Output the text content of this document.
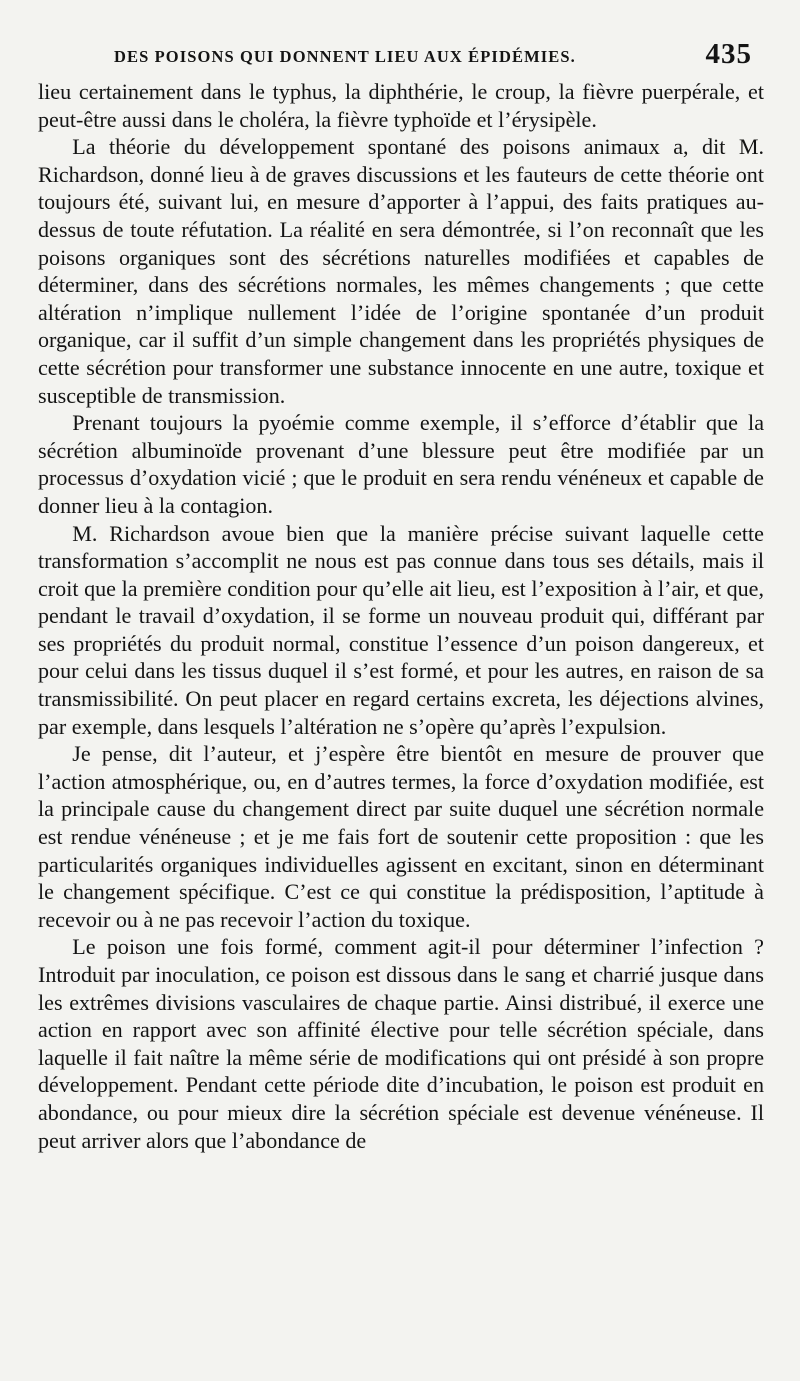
DES POISONS QUI DONNENT LIEU AUX ÉPIDÉMIES.	435

lieu certainement dans le typhus, la diphthérie, le croup, la fièvre puerpérale, et peut-être aussi dans le choléra, la fièvre typhoïde et l’érysipèle.

La théorie du développement spontané des poisons animaux a, dit M. Richardson, donné lieu à de graves discussions et les fauteurs de cette théorie ont toujours été, suivant lui, en mesure d’apporter à l’appui, des faits pratiques au-dessus de toute réfutation. La réalité en sera démontrée, si l’on reconnaît que les poisons organiques sont des sécrétions naturelles modifiées et capables de déterminer, dans des sécrétions normales, les mêmes changements ; que cette altération n’implique nullement l’idée de l’origine spontanée d’un produit organique, car il suffit d’un simple changement dans les propriétés physiques de cette sécrétion pour transformer une substance innocente en une autre, toxique et susceptible de transmission.

Prenant toujours la pyoémie comme exemple, il s’efforce d’établir que la sécrétion albuminoïde provenant d’une blessure peut être modifiée par un processus d’oxydation vicié ; que le produit en sera rendu vénéneux et capable de donner lieu à la contagion.

M. Richardson avoue bien que la manière précise suivant laquelle cette transformation s’accomplit ne nous est pas connue dans tous ses détails, mais il croit que la première condition pour qu’elle ait lieu, est l’exposition à l’air, et que, pendant le travail d’oxydation, il se forme un nouveau produit qui, différant par ses propriétés du produit normal, constitue l’essence d’un poison dangereux, et pour celui dans les tissus duquel il s’est formé, et pour les autres, en raison de sa transmissibilité. On peut placer en regard certains excreta, les déjections alvines, par exemple, dans lesquels l’altération ne s’opère qu’après l’expulsion.

Je pense, dit l’auteur, et j’espère être bientôt en mesure de prouver que l’action atmosphérique, ou, en d’autres termes, la force d’oxydation modifiée, est la principale cause du changement direct par suite duquel une sécrétion normale est rendue vénéneuse ; et je me fais fort de soutenir cette proposition : que les particularités organiques individuelles agissent en excitant, sinon en déterminant le changement spécifique. C’est ce qui constitue la prédisposition, l’aptitude à recevoir ou à ne pas recevoir l’action du toxique.

Le poison une fois formé, comment agit-il pour déterminer l’infection ? Introduit par inoculation, ce poison est dissous dans le sang et charrié jusque dans les extrêmes divisions vasculaires de chaque partie. Ainsi distribué, il exerce une action en rapport avec son affinité élective pour telle sécrétion spéciale, dans laquelle il fait naître la même série de modifications qui ont présidé à son propre développement. Pendant cette période dite d’incubation, le poison est produit en abondance, ou pour mieux dire la sécrétion spéciale est devenue vénéneuse. Il peut arriver alors que l’abondance de
